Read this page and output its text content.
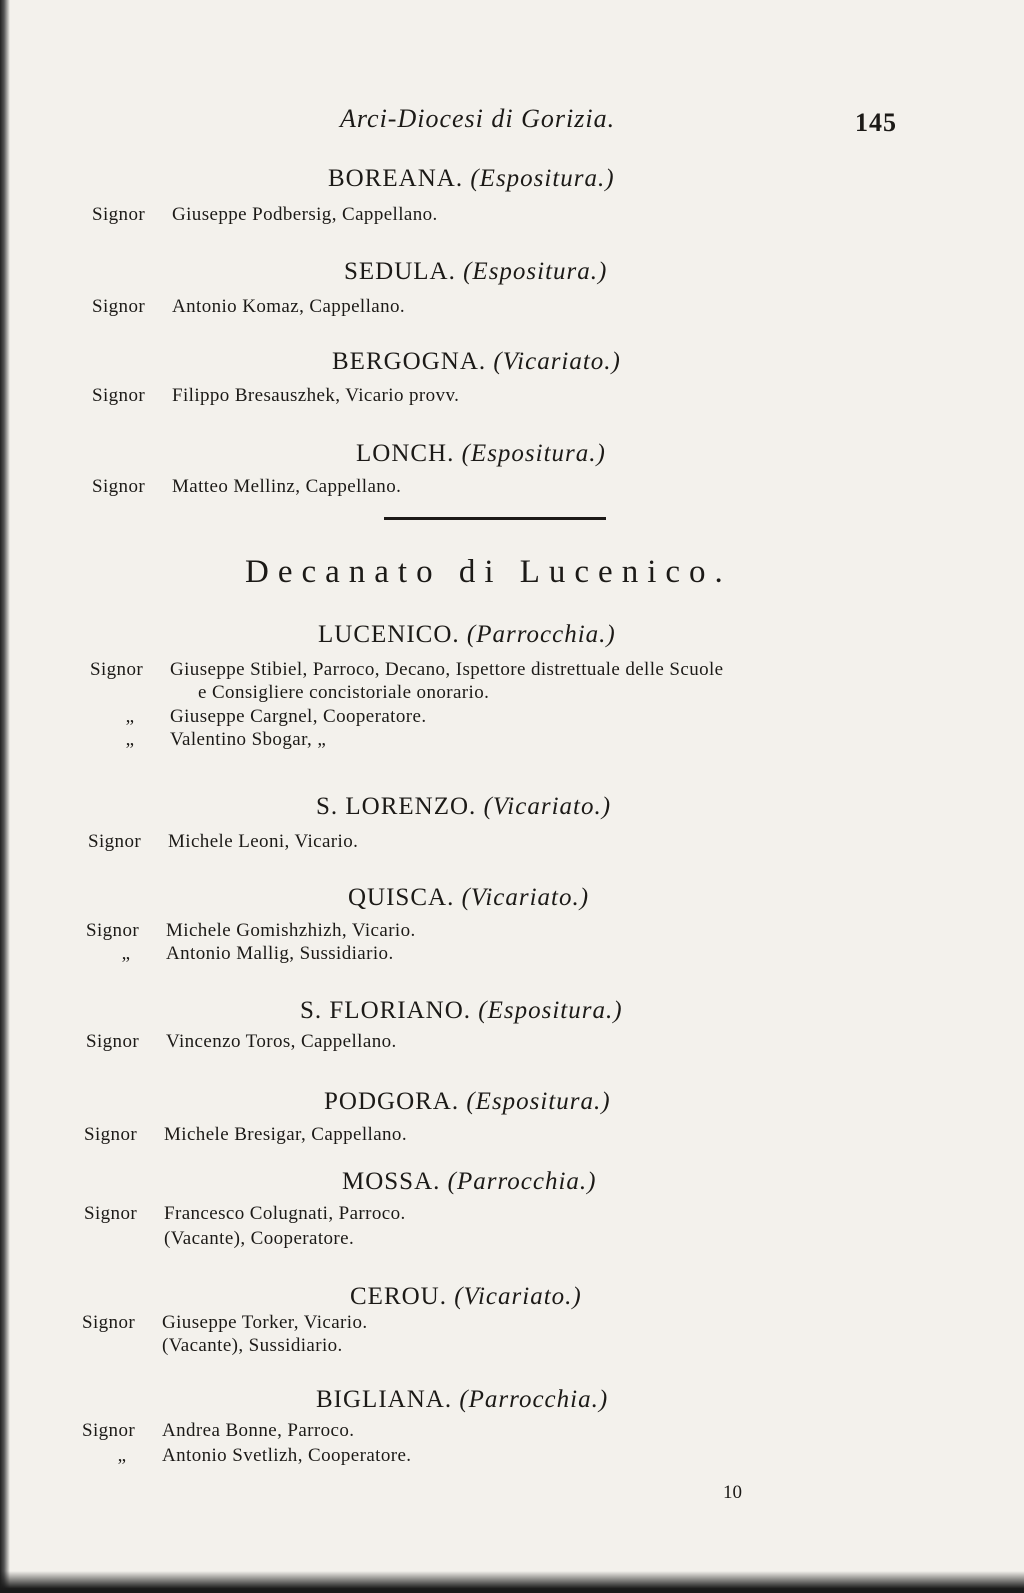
Arci-Diocesi di Gorizia.	145
BOREANA. (Espositura.)
Signor Giuseppe Podbersig, Cappellano.
SEDULA. (Espositura.)
Signor Antonio Komaz, Cappellano.
BERGOGNA. (Vicariato.)
Signor Filippo Bresauszhek, Vicario provv.
LONCH. (Espositura.)
Signor Matteo Mellinz, Cappellano.
Decanato di Lucenico.
LUCENICO. (Parrocchia.)
Signor Giuseppe Stibiel, Parroco, Decano, Ispettore distrettuale delle Scuole
e Consigliere concistoriale onorario.
„ Giuseppe Cargnel, Cooperatore.
„ Valentino Sbogar, „
S. LORENZO. (Vicariato.)
Signor Michele Leoni, Vicario.
QUISCA. (Vicariato.)
Signor Michele Gomishzhizh, Vicario.
„ Antonio Mallig, Sussidiario.
S. FLORIANO. (Espositura.)
Signor Vincenzo Toros, Cappellano.
PODGORA. (Espositura.)
Signor Michele Bresigar, Cappellano.
MOSSA. (Parrocchia.)
Signor Francesco Colugnati, Parroco.
(Vacante), Cooperatore.
CEROU. (Vicariato.)
Signor Giuseppe Torker, Vicario.
(Vacante), Sussidiario.
BIGLIANA. (Parrocchia.)
Signor Andrea Bonne, Parroco.
„ Antonio Svetlizh, Cooperatore.
10
